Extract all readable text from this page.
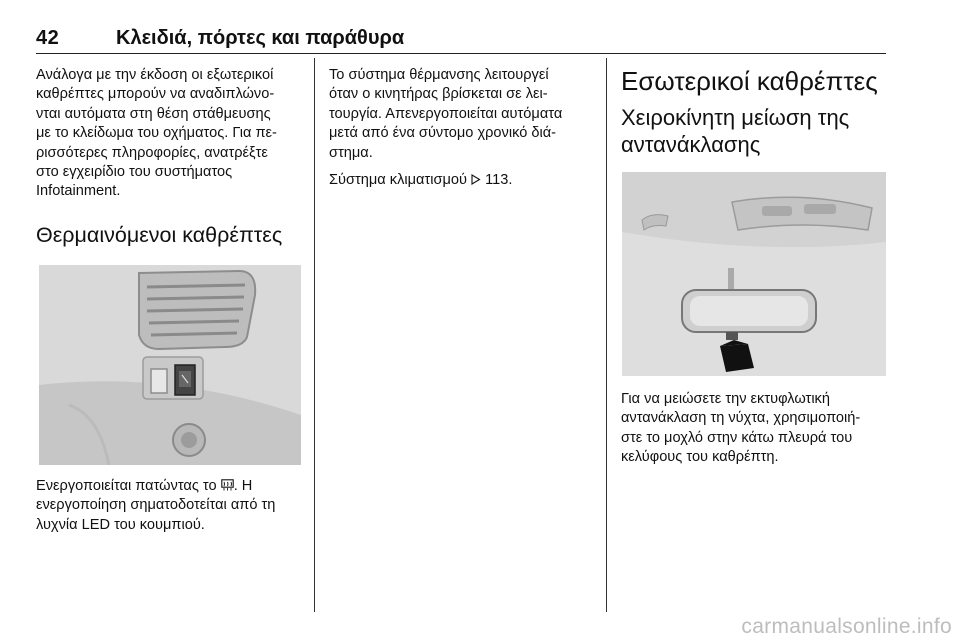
42	Κλειδιά, πόρτες και παράθυρα

Ανάλογα με την έκδοση οι εξωτερικοί
καθρέπτες μπορούν να αναδιπλώνο-
νται αυτόματα στη θέση στάθμευσης
με το κλείδωμα του οχήματος. Για πε-
ρισσότερες πληροφορίες, ανατρέξτε
στο εγχειρίδιο του συστήματος
Infotainment.

Θερμαινόμενοι καθρέπτες

Ενεργοποιείται πατώντας το . Η
ενεργοποίηση σηματοδοτείται από τη
λυχνία LED του κουμπιού.

Το σύστημα θέρμανσης λειτουργεί
όταν ο κινητήρας βρίσκεται σε λει-
τουργία. Απενεργοποιείται αυτόματα
μετά από ένα σύντομο χρονικό διά-
στημα.

Σύστημα κλιματισμού 113.

Εσωτερικοί καθρέπτες
Χειροκίνητη μείωση της
αντανάκλασης

Για να μειώσετε την εκτυφλωτική
αντανάκλαση τη νύχτα, χρησιμοποιή-
στε το μοχλό στην κάτω πλευρά του
κελύφους του καθρέπτη.

carmanualsonline.info
